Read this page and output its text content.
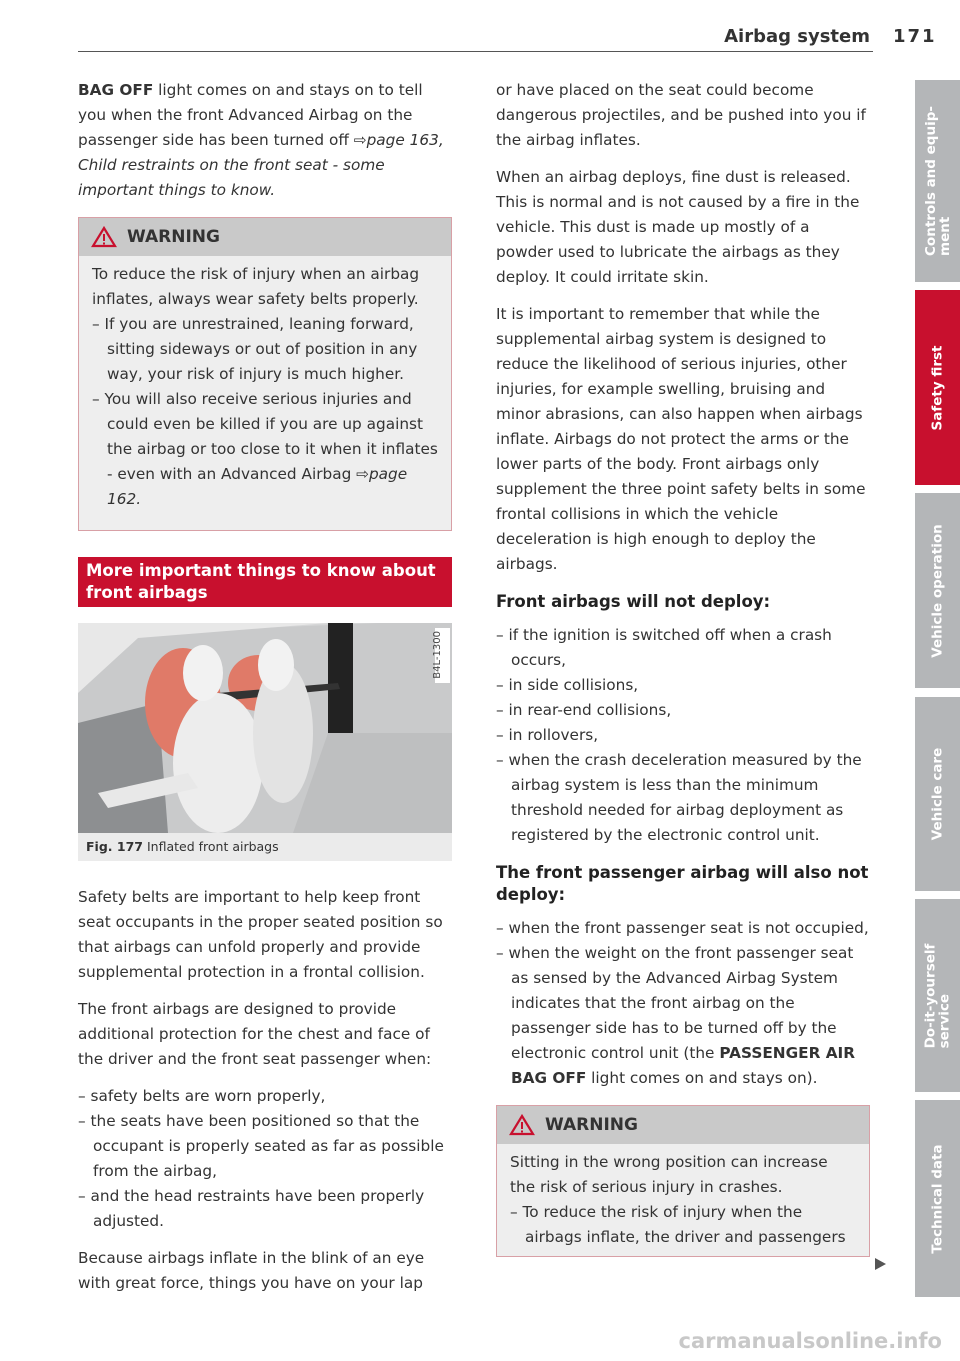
Airbag system 171

BAG OFF light comes on and stays on to tell you when the front Advanced Airbag on the passenger side has been turned off ⇨page 163, Child restraints on the front seat - some important things to know.

WARNING

To reduce the risk of injury when an airbag inflates, always wear safety belts properly.

– If you are unrestrained, leaning forward, sitting sideways or out of position in any way, your risk of injury is much higher.
– You will also receive serious injuries and could even be killed if you are up against the airbag or too close to it when it inflates - even with an Advanced Airbag ⇨page 162.
More important things to know about front airbags
B4L-1300
Fig. 177 Inflated front airbags

Safety belts are important to help keep front seat occupants in the proper seated position so that airbags can unfold properly and provide supplemental protection in a frontal collision.

The front airbags are designed to provide additional protection for the chest and face of the driver and the front seat passenger when:

– safety belts are worn properly,
– the seats have been positioned so that the occupant is properly seated as far as possible from the airbag,
– and the head restraints have been properly adjusted.

Because airbags inflate in the blink of an eye with great force, things you have on your lap

or have placed on the seat could become dangerous projectiles, and be pushed into you if the airbag inflates.

When an airbag deploys, fine dust is released. This is normal and is not caused by a fire in the vehicle. This dust is made up mostly of a powder used to lubricate the airbags as they deploy. It could irritate skin.

It is important to remember that while the supplemental airbag system is designed to reduce the likelihood of serious injuries, other injuries, for example swelling, bruising and minor abrasions, can also happen when airbags inflate. Airbags do not protect the arms or the lower parts of the body. Front airbags only supplement the three point safety belts in some frontal collisions in which the vehicle deceleration is high enough to deploy the airbags.

Front airbags will not deploy:
– if the ignition is switched off when a crash occurs,
– in side collisions,
– in rear-end collisions,
– in rollovers,
– when the crash deceleration measured by the airbag system is less than the minimum threshold needed for airbag deployment as registered by the electronic control unit.
The front passenger airbag will also not deploy:
– when the front passenger seat is not occupied,
– when the weight on the front passenger seat as sensed by the Advanced Airbag System indicates that the front airbag on the passenger side has to be turned off by the electronic control unit (the PASSENGER AIR BAG OFF light comes on and stays on).
WARNING

Sitting in the wrong position can increase the risk of serious injury in crashes.

– To reduce the risk of injury when the airbags inflate, the driver and passengers
Controls and equip-
ment
Safety first
Vehicle operation
Vehicle care
Do-it-yourself
service
Technical data
carmanualsonline.info
